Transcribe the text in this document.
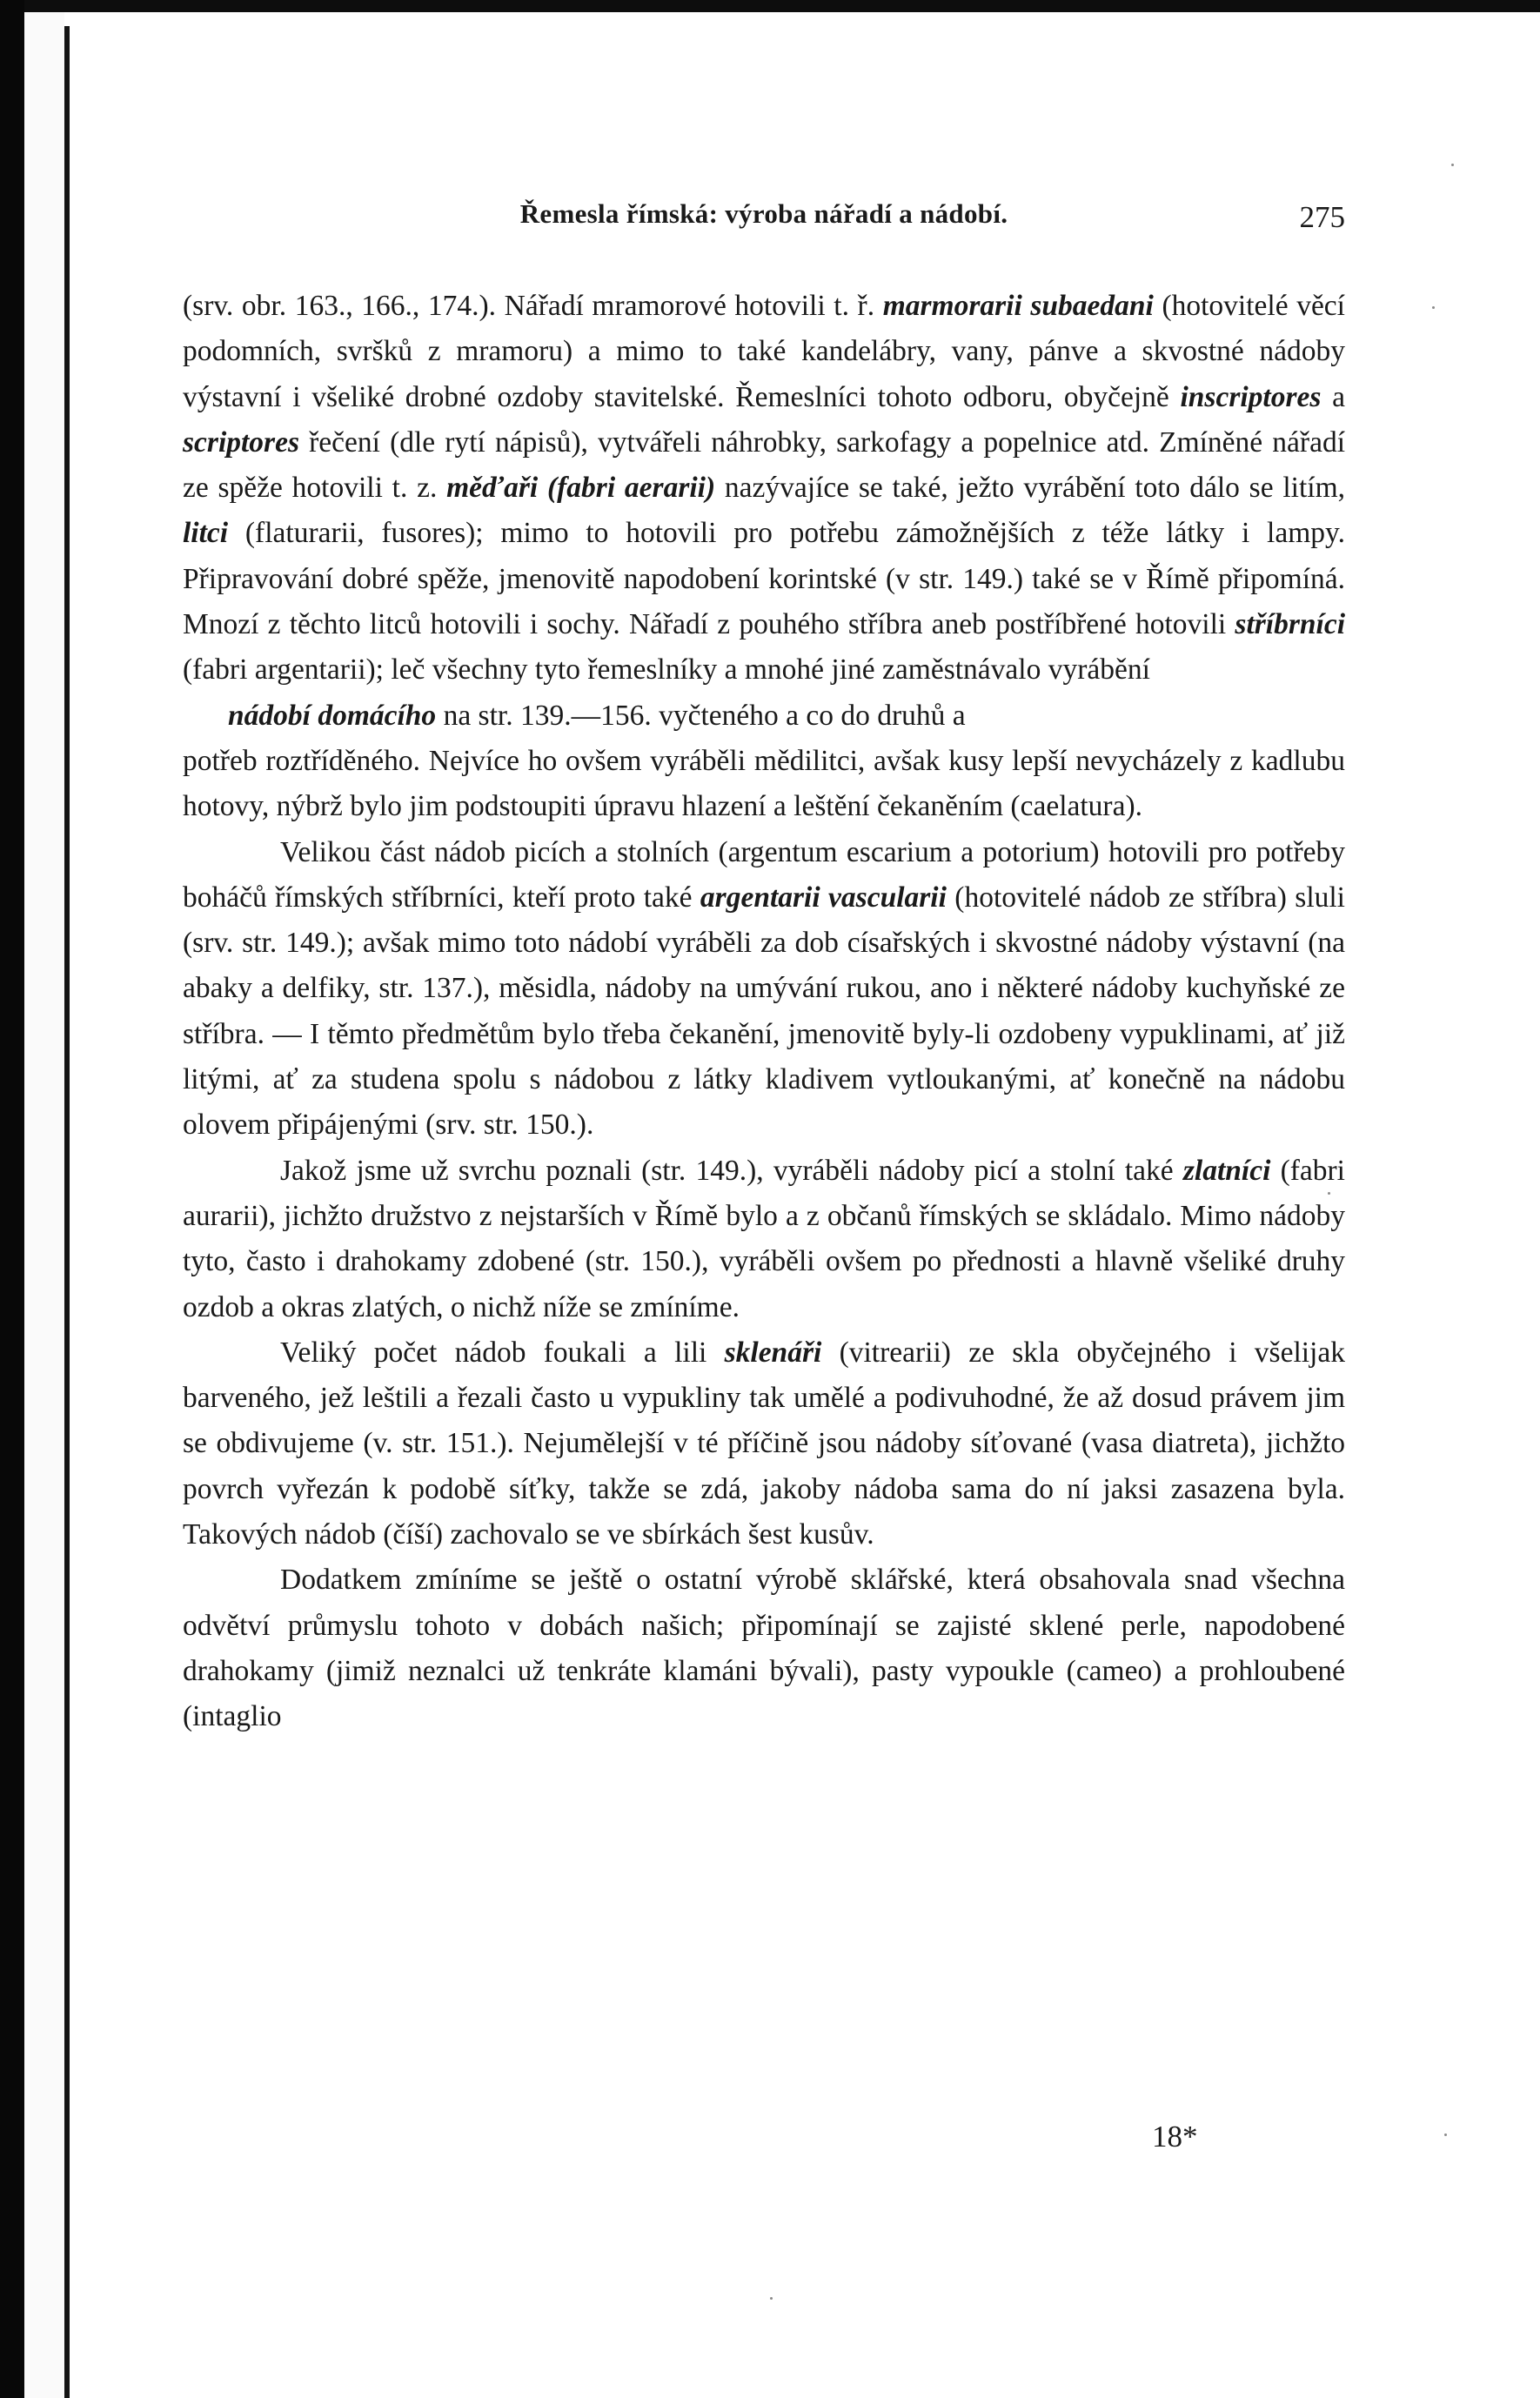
Řemesla římská: výroba nářadí a nádobí.	275

(srv. obr. 163., 166., 174.). Nářadí mramorové hotovili t. ř. marmorarii subaedani (hotovitelé věcí podomních, svršků z mramoru) a mimo to také kandelábry, vany, pánve a skvostné nádoby výstavní i všeliké drobné ozdoby stavitelské. Řemeslníci tohoto odboru, obyčejně inscriptores a scriptores řečení (dle rytí nápisů), vytvářeli náhrobky, sarkofagy a popelnice atd. Zmíněné nářadí ze spěže hotovili t. z. měďaři (fabri aerarii) nazývajíce se také, ježto vyrábění toto dálo se litím, litci (flaturarii, fusores); mimo to hotovili pro potřebu zámožnějších z téže látky i lampy. Připravování dobré spěže, jmenovitě napodobení korintské (v str. 149.) také se v Římě připomíná. Mnozí z těchto litců hotovili i sochy. Nářadí z pouhého stříbra aneb postříbřené hotovili stříbrníci (fabri argentarii); leč všechny tyto řemeslníky a mnohé jiné zaměstnávalo vyrábění

nádobí domácího na str. 139.—156. vyčteného a co do druhů a

potřeb roztříděného. Nejvíce ho ovšem vyráběli mědilitci, avšak kusy lepší nevycházely z kadlubu hotovy, nýbrž bylo jim podstoupiti úpravu hlazení a leštění čekaněním (caelatura).

Velikou část nádob picích a stolních (argentum escarium a potorium) hotovili pro potřeby boháčů římských stříbrníci, kteří proto také argentarii vascularii (hotovitelé nádob ze stříbra) sluli (srv. str. 149.); avšak mimo toto nádobí vyráběli za dob císařských i skvostné nádoby výstavní (na abaky a delfiky, str. 137.), měsidla, nádoby na umývání rukou, ano i některé nádoby kuchyňské ze stříbra. — I těmto předmětům bylo třeba čekanění, jmenovitě byly-li ozdobeny vypuklinami, ať již litými, ať za studena spolu s nádobou z látky kladivem vytloukanými, ať konečně na nádobu olovem připájenými (srv. str. 150.).

Jakož jsme už svrchu poznali (str. 149.), vyráběli nádoby picí a stolní také zlatníci (fabri aurarii), jichžto družstvo z nejstarších v Římě bylo a z občanů římských se skládalo. Mimo nádoby tyto, často i drahokamy zdobené (str. 150.), vyráběli ovšem po přednosti a hlavně všeliké druhy ozdob a okras zlatých, o nichž níže se zmíníme.

Veliký počet nádob foukali a lili sklenáři (vitrearii) ze skla obyčejného i všelijak barveného, jež leštili a řezali často u vypukliny tak umělé a podivuhodné, že až dosud právem jim se obdivujeme (v. str. 151.). Nejumělejší v té příčině jsou nádoby síťované (vasa diatreta), jichžto povrch vyřezán k podobě síťky, takže se zdá, jakoby nádoba sama do ní jaksi zasazena byla. Takových nádob (číší) zachovalo se ve sbírkách šest kusův.

Dodatkem zmíníme se ještě o ostatní výrobě sklářské, která obsahovala snad všechna odvětví průmyslu tohoto v dobách našich; připomínají se zajisté sklené perle, napodobené drahokamy (jimiž neznalci už tenkráte klamáni bývali), pasty vypoukle (cameo) a prohloubené (intaglio

18*
